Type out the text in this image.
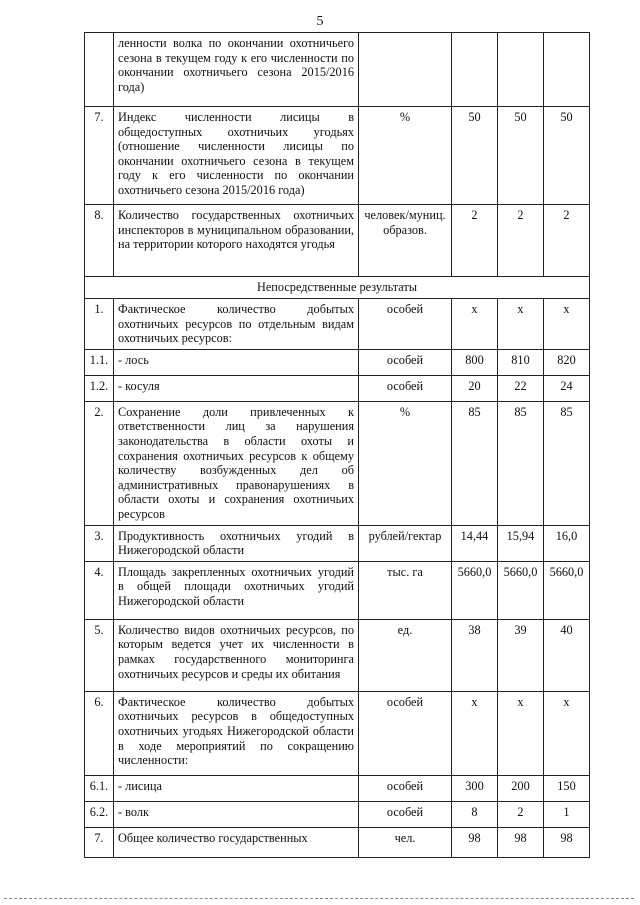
5
	ленности волка по окончании охотничьего сезона в текущем году к его численности по окончании охотничьего сезона 2015/2016 года)				
7.	Индекс численности лисицы в общедоступных охотничьих угодьях (отношение численности лисицы по окончании охотничьего сезона в текущем году к его численности по окончании охотничьего сезона 2015/2016 года)	%	50	50	50
8.	Количество государственных охотничьих инспекторов в муниципальном образовании, на территории которого находятся угодья	человек/муниц. образов.	2	2	2
Непосредственные результаты					
1.	Фактическое количество добытых охотничьих ресурсов по отдельным видам охотничьих ресурсов:	особей	х	х	х
1.1.	- лось	особей	800	810	820
1.2.	- косуля	особей	20	22	24
2.	Сохранение доли привлеченных к ответственности лиц за нарушения законодательства в области охоты и сохранения охотничьих ресурсов к общему количеству возбужденных дел об административных правонарушениях в области охоты и сохранения охотничьих ресурсов	%	85	85	85
3.	Продуктивность охотничьих угодий в Нижегородской области	рублей/гектар	14,44	15,94	16,0
4.	Площадь закрепленных охотничьих угодий в общей площади охотничьих угодий Нижегородской области	тыс. га	5660,0	5660,0	5660,0
5.	Количество видов охотничьих ресурсов, по которым ведется учет их численности в рамках государственного мониторинга охотничьих ресурсов и среды их обитания	ед.	38	39	40
6.	Фактическое количество добытых охотничьих ресурсов в общедоступных охотничьих угодьях Нижегородской области в ходе мероприятий по сокращению численности:	особей	х	х	х
6.1.	- лисица	особей	300	200	150
6.2.	- волк	особей	8	2	1
7.	Общее количество государственных	чел.	98	98	98
